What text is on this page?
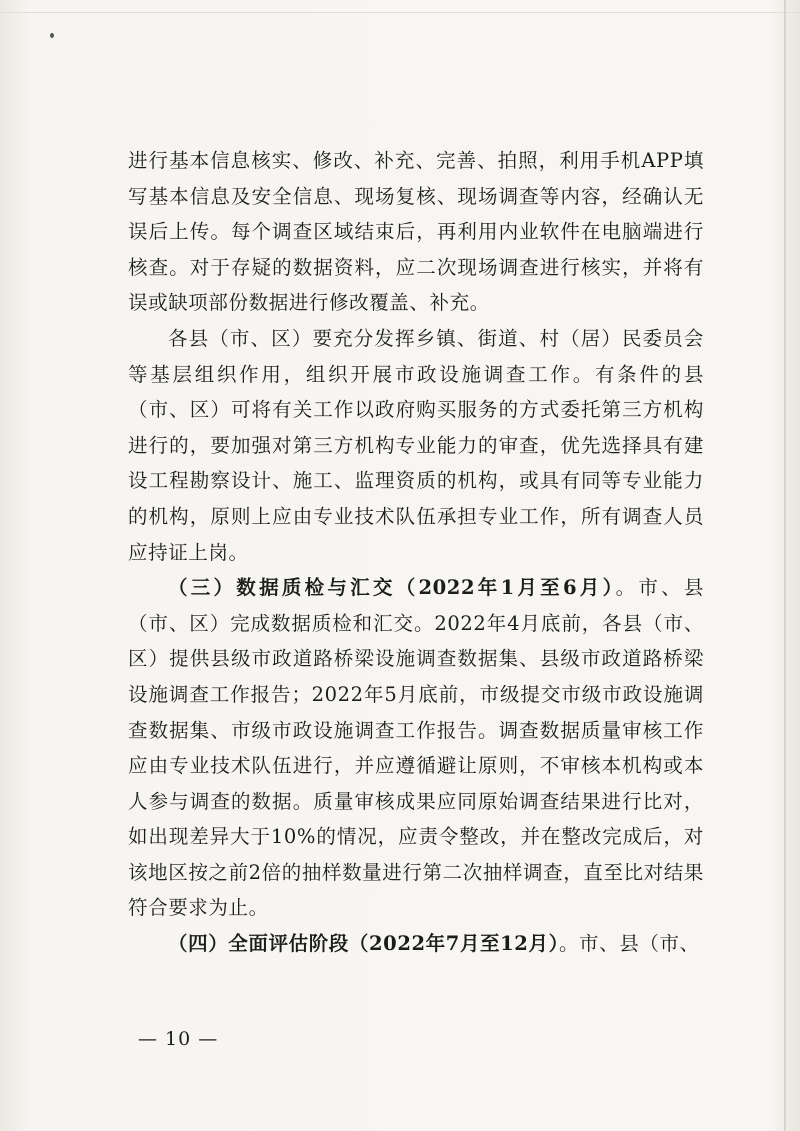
进行基本信息核实、修改、补充、完善、拍照，利用手机APP填写基本信息及安全信息、现场复核、现场调查等内容，经确认无误后上传。每个调查区域结束后，再利用内业软件在电脑端进行核查。对于存疑的数据资料，应二次现场调查进行核实，并将有误或缺项部份数据进行修改覆盖、补充。

各县（市、区）要充分发挥乡镇、街道、村（居）民委员会等基层组织作用，组织开展市政设施调查工作。有条件的县（市、区）可将有关工作以政府购买服务的方式委托第三方机构进行的，要加强对第三方机构专业能力的审查，优先选择具有建设工程勘察设计、施工、监理资质的机构，或具有同等专业能力的机构，原则上应由专业技术队伍承担专业工作，所有调查人员应持证上岗。

（三）数据质检与汇交（2022年1月至6月）。市、县（市、区）完成数据质检和汇交。2022年4月底前，各县（市、区）提供县级市政道路桥梁设施调查数据集、县级市政道路桥梁设施调查工作报告；2022年5月底前，市级提交市级市政设施调查数据集、市级市政设施调查工作报告。调查数据质量审核工作应由专业技术队伍进行，并应遵循避让原则，不审核本机构或本人参与调查的数据。质量审核成果应同原始调查结果进行比对，如出现差异大于10%的情况，应责令整改，并在整改完成后，对该地区按之前2倍的抽样数量进行第二次抽样调查，直至比对结果符合要求为止。

（四）全面评估阶段（2022年7月至12月）。市、县（市、

— 10 —
